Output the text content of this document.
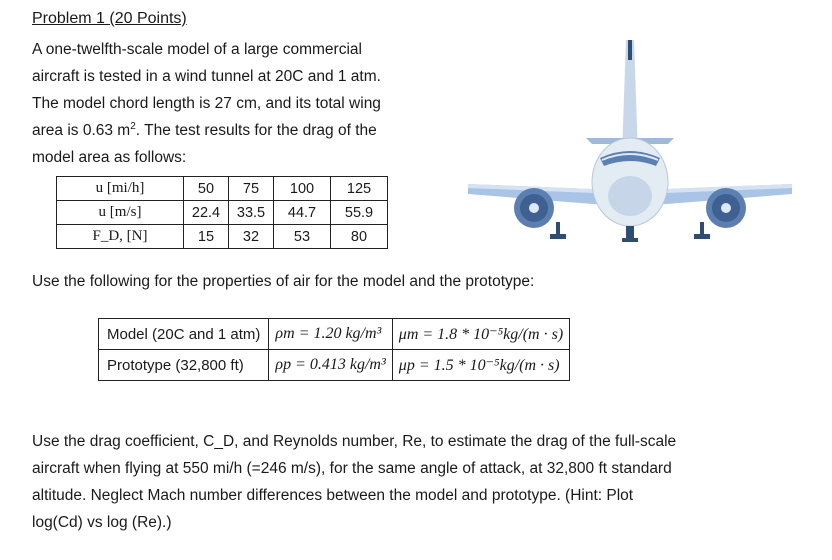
Problem 1 (20 Points)
A one-twelfth-scale model of a large commercial
aircraft is tested in a wind tunnel at 20C and 1 atm.
The model chord length is 27 cm, and its total wing
area is 0.63 $m^2$. The test results for the drag of the
model area as follows:
u [mi/h]	50	75	100	125
u [m/s]	22.4	33.5	44.7	55.9
F_D, [N]	15	32	53	80
Use the following for the properties of air for the model and the prototype:
Model (20C and 1 atm)	ρm = 1.20 kg/m³	μm = 1.8 * 10⁻⁵kg/(m · s)
Prototype (32,800 ft)	ρp = 0.413 kg/m³	μp = 1.5 * 10⁻⁵kg/(m · s)
Use the drag coefficient, C_D, and Reynolds number, Re, to estimate the drag of the full-scale
aircraft when flying at 550 mi/h (=246 m/s), for the same angle of attack, at 32,800 ft standard
altitude. Neglect Mach number differences between the model and prototype. (Hint: Plot
log(Cd) vs log (Re).)
